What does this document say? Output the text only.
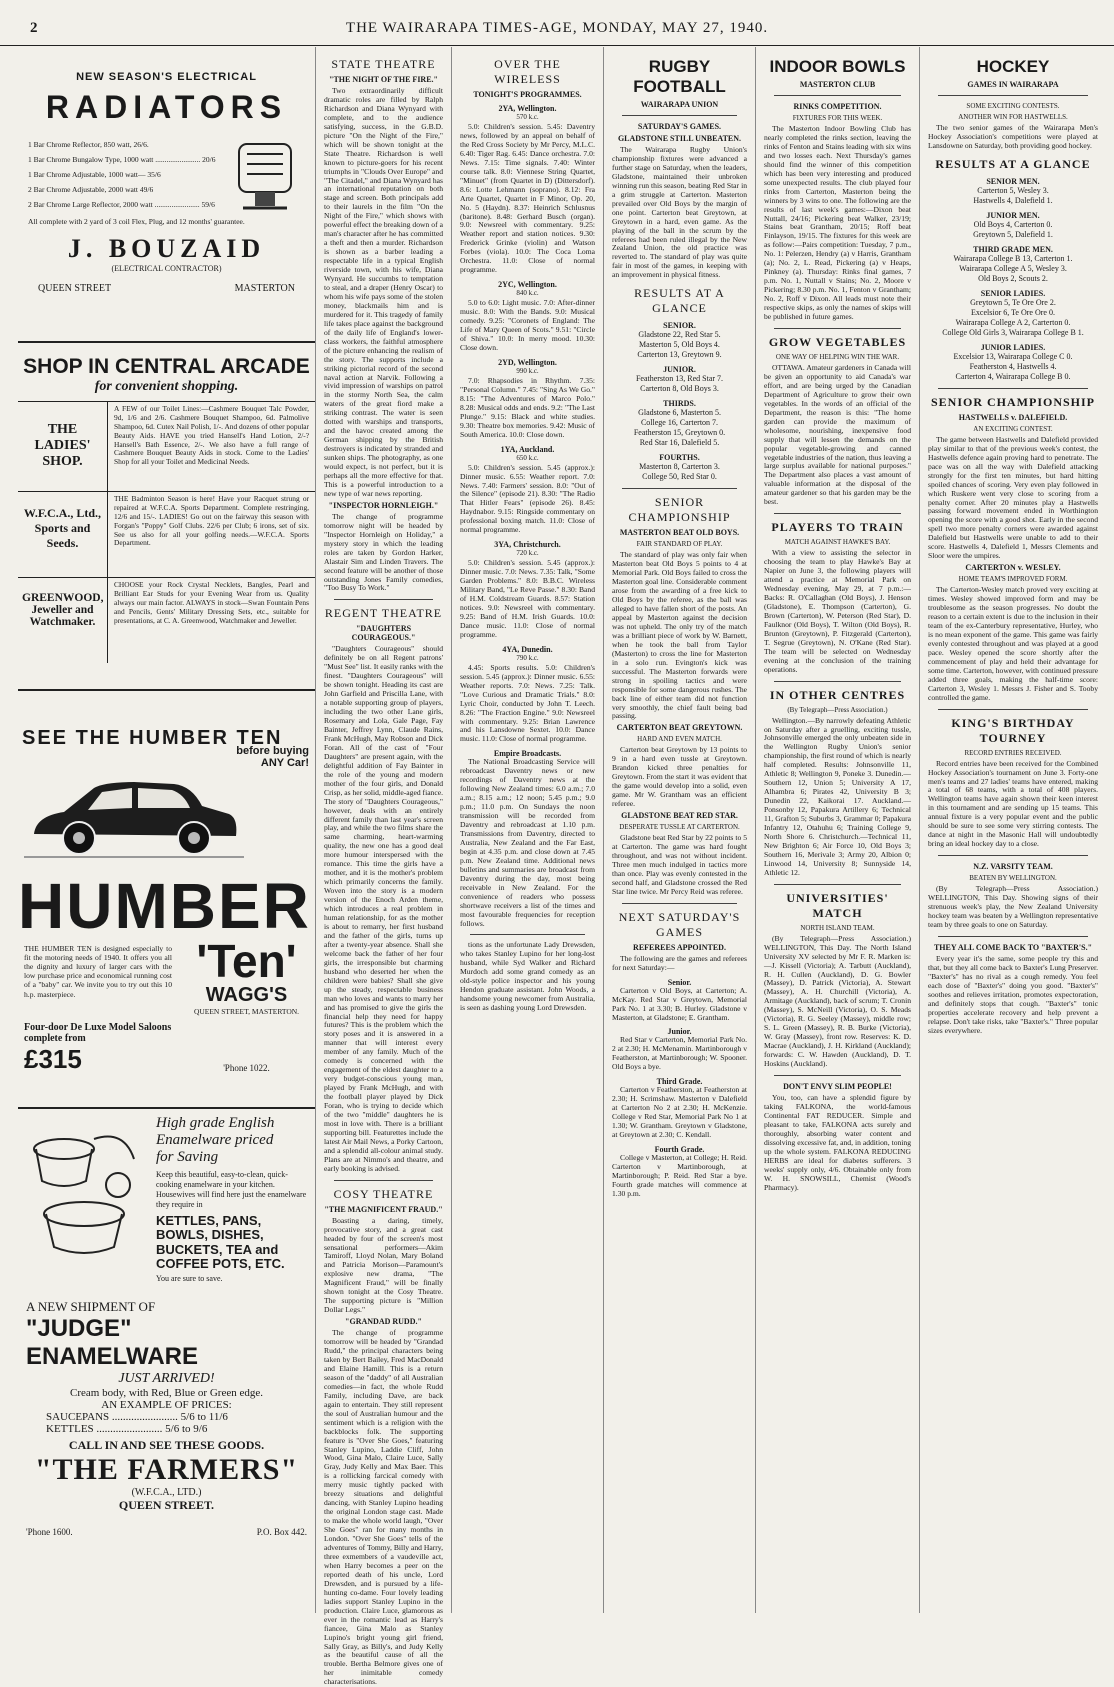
2	THE WAIRARAPA TIMES-AGE, MONDAY, MAY 27, 1940.
NEW SEASON'S ELECTRICAL
RADIATORS
1 Bar Chrome Reflector, 850 watt, 26/6.
1 Bar Chrome Bungalow Type, 1000 watt ........................ 20/6
1 Bar Chrome Adjustable, 1000 watt— 35/6
2 Bar Chrome Adjustable, 2000 watt 49/6
2 Bar Chrome Large Reflector, 2000 watt ........................ 59/6
All complete with 2 yard of 3 coil Flex, Plug, and 12 months' guarantee.
J. BOUZAID
(ELECTRICAL CONTRACTOR)
QUEEN STREET	MASTERTON
SHOP IN CENTRAL ARCADE
for convenient shopping.
THE LADIES' SHOP.
A FEW of our Toilet Lines:—Cashmere Bouquet Talc Powder, 9d, 1/6 and 2/6. Cashmere Bouquet Shampoo, 6d. Palmolive Shampoo, 6d. Cutex Nail Polish, 1/-. And dozens of other popular Beauty Aids. HAVE you tried Hansell's Hand Lotion, 2/-? Hansell's Bath Essence, 2/-. We also have a full range of Cashmere Bouquet Beauty Aids in stock. Come to the Ladies' Shop for all your Toilet and Medicinal Needs.
W.F.C.A., Ltd., Sports and Seeds.
THE Badminton Season is here! Have your Racquet strung or repaired at W.F.C.A. Sports Department. Complete restringing, 12/6 and 15/-. LADIES! Go out on the fairway this season with Forgan's "Poppy" Golf Clubs. 22/6 per Club; 6 irons, set of six. See us also for all your golfing needs.—W.F.C.A. Sports Department.
GREENWOOD, Jeweller and Watchmaker.
CHOOSE your Rock Crystal Necklets, Bangles, Pearl and Brilliant Ear Studs for your Evening Wear from us. Quality always our main factor. ALWAYS in stock—Swan Fountain Pens and Pencils, Gents' Military Dressing Sets, etc., suitable for presentations, at C. A. Greenwood, Watchmaker and Jeweller.
SEE THE HUMBER TEN
before buying ANY Car!
HUMBER
THE HUMBER TEN is designed especially to fit the motoring needs of 1940. It offers you all the dignity and luxury of larger cars with the low purchase price and economical running cost of a "baby" car. We invite you to try out this 10 h.p. masterpiece.
'Ten'
WAGG'S
QUEEN STREET, MASTERTON.
Four-door De Luxe Model Saloons complete from
£315	'Phone 1022.
High grade English
Enamelware priced
for Saving
Keep this beautiful, easy-to-clean, quick-cooking enamelware in your kitchen. Housewives will find here just the enamelware they require in
KETTLES, PANS, BOWLS, DISHES, BUCKETS, TEA and COFFEE POTS, ETC.
You are sure to save.
A NEW SHIPMENT OF
"JUDGE" ENAMELWARE
JUST ARRIVED!
Cream body, with Red, Blue or Green edge.
AN EXAMPLE OF PRICES:
SAUCEPANS ........................ 5/6 to 11/6
KETTLES ........................ 5/6 to 9/6
CALL IN AND SEE THESE GOODS.
"THE FARMERS"
(W.F.C.A., LTD.)
QUEEN STREET.
'Phone 1600.	P.O. Box 442.
STATE THEATRE
"THE NIGHT OF THE FIRE."

Two extraordinarily difficult dramatic roles are filled by Ralph Richardson and Diana Wynyard with complete, and to the audience satisfying, success, in the G.B.D. picture "On the Night of the Fire," which will be shown tonight at the State Theatre. Richardson is well known to picture-goers for his recent triumphs in "Clouds Over Europe" and "The Citadel," and Diana Wynyard has an international reputation on both stage and screen. Both principals add to their laurels in the film "On the Night of the Fire," which shows with powerful effect the breaking down of a man's character after he has committed a theft and then a murder. Richardson is shown as a barber leading a respectable life in a typical English riverside town, with his wife, Diana Wynyard. He succumbs to temptation to steal, and a draper (Henry Oscar) to whom his wife pays some of the stolen money, blackmails him and is murdered for it. This tragedy of family life takes place against the background of the daily life of England's lower-class workers, the faithful atmosphere of the picture enhancing the realism of the story. The supports include a striking pictorial record of the second naval action at Narvik. Following a vivid impression of warships on patrol in the stormy North Sea, the calm waters of the great fiord make a striking contrast. The water is seen dotted with warships and transports, and the havoc created among the German shipping by the British destroyers is indicated by stranded and sunken ships. The photography, as one would expect, is not perfect, but it is perhaps all the more effective for that. This is a powerful introduction to a new type of war news reporting.

"INSPECTOR HORNLEIGH."

The change of programme tomorrow night will be headed by "Inspector Hornleigh on Holiday," a mystery story in which the leading roles are taken by Gordon Harker, Alastair Sim and Linden Travers. The second feature will be another of those outstanding Jones Family comedies, "Too Busy To Work."

REGENT THEATRE
"DAUGHTERS COURAGEOUS."

"Daughters Courageous" should definitely be on all Regent patrons' "Must See" list. It easily ranks with the finest. "Daughters Courageous" will be shown tonight. Heading its cast are John Garfield and Priscilla Lane, with a notable supporting group of players, including the two other Lane girls, Rosemary and Lola, Gale Page, Fay Bainter, Jeffrey Lynn, Claude Rains, Frank McHugh, May Robson and Dick Foran. All of the cast of "Four Daughters" are present again, with the delightful addition of Fay Bainter in the role of the young and modern mother of the four girls, and Donald Crisp, as her solid, middle-aged fiance. The story of "Daughters Courageous," however, deals with an entirely different family than last year's screen play, and while the two films share the same charming, heart-warming quality, the new one has a good deal more humour interspersed with the romance. This time the girls have a mother, and it is the mother's problem which primarily concerns the family. Woven into the story is a modern version of the Enoch Arden theme, which introduces a real problem in human relationship, for as the mother is about to remarry, her first husband and the father of the girls, turns up after a twenty-year absence. Shall she welcome back the father of her four girls, the irresponsible but charming husband who deserted her when the children were babies? Shall she give up the steady, respectable business man who loves and wants to marry her and has promised to give the girls the financial help they need for happy futures? This is the problem which the story poses and it is answered in a manner that will interest every member of any family. Much of the comedy is concerned with the engagement of the eldest daughter to a very budget-conscious young man, played by Frank McHugh, and with the football player played by Dick Foran, who is trying to decide which of the two "middle" daughters he is most in love with. There is a brilliant supporting bill. Featurettes include the latest Air Mail News, a Porky Cartoon, and a splendid all-colour animal study. Plans are at Nimmo's and theatre, and early booking is advised.

COSY THEATRE
"THE MAGNIFICENT FRAUD."

Boasting a daring, timely, provocative story, and a great cast headed by four of the screen's most sensational performers—Akim Tamiroff, Lloyd Nolan, Mary Boland and Patricia Morison—Paramount's explosive new drama, "The Magnificent Fraud," will be finally shown tonight at the Cosy Theatre. The supporting picture is "Million Dollar Legs."

"GRANDAD RUDD."

The change of programme tomorrow will be headed by "Grandad Rudd," the principal characters being taken by Bert Bailey, Fred MacDonald and Elaine Hamill. This is a return season of the "daddy" of all Australian comedies—in fact, the whole Rudd Family, including Dave, are back again to entertain. They still represent the soul of Australian humour and the sentiment which is a religion with the backblocks folk. The supporting feature is "Over She Goes," featuring Stanley Lupino, Laddie Cliff, John Wood, Gina Malo, Claire Luce, Sally Gray, Judy Kelly and Max Baer. This is a rollicking farcical comedy with merry music tightly packed with breezy situations and delightful dancing, with Stanley Lupino heading the original London stage cast. Made to make the whole world laugh, "Over She Goes" ran for many months in London. "Over She Goes" tells of the adventures of Tommy, Billy and Harry, three exmembers of a vaudeville act, when Harry becomes a peer on the reported death of his uncle, Lord Drewsden, and is pursued by a life-hunting co-dame. Four lovely leading ladies support Stanley Lupino in the production. Claire Luce, glamorous as ever in the romantic lead as Harry's fiancee, Gina Malo as Stanley Lupino's bright young girl friend, Sally Gray, as Billy's, and Judy Kelly as the beautiful cause of all the trouble. Bertha Belmore gives one of her inimitable comedy characterisations.

OVER THE WIRELESS
TONIGHT'S PROGRAMMES.
2YA, Wellington.
570 k.c.

5.0: Children's session. 5.45: Daventry news, followed by an appeal on behalf of the Red Cross Society by Mr Percy, M.L.C. 6.40: Tiger Rag. 6.45: Dance orchestra. 7.0: News. 7.15: Time signals. 7.40: Winter course talk. 8.0: Viennese String Quartet, "Minuet" (from Quartet in D) (Dittersdorf). 8.6: Lotte Lehmann (soprano). 8.12: Fra Arte Quartet, Quartet in F Minor, Op. 20, No. 5 (Haydn). 8.37: Heinrich Schlusnus (baritone). 8.48: Gerhard Busch (organ). 9.0: Newsreel with commentary. 9.25: Weather report and station notices. 9.30: Frederick Grinke (violin) and Watson Forbes (viola). 10.0: The Coca Loma Orchestra. 11.0: Close of normal programme.

2YC, Wellington.
840 k.c.

5.0 to 6.0: Light music. 7.0: After-dinner music. 8.0: With the Bands. 9.0: Musical comedy. 9.25: "Coronets of England: The Life of Mary Queen of Scots." 9.51: "Circle of Shiva." 10.0: In merry mood. 10.30: Close down.

2YD, Wellington.
990 k.c.

7.0: Rhapsodies in Rhythm. 7.35: "Personal Column." 7.45: "Sing As We Go." 8.15: "The Adventures of Marco Polo." 8.28: Musical odds and ends. 9.2: "The Last Plunge." 9.15: Black and white studies. 9.30: Theatre box memories. 9.42: Music of South America. 10.0: Close down.

1YA, Auckland.
650 k.c.

5.0: Children's session. 5.45 (approx.): Dinner music. 6.55: Weather report. 7.0: News. 7.40: Farmers' session. 8.0: "Out of the Silence" (episode 21). 8.30: "The Radio That Hitler Fears" (episode 26). 8.45: Haydnabor. 9.15: Ringside commentary on professional boxing match. 11.0: Close of normal programme.

3YA, Christchurch.
720 k.c.

5.0: Children's session. 5.45 (approx.): Dinner music. 7.0: News. 7.35: Talk, "Some Garden Problems." 8.0: B.B.C. Wireless Military Band, "Le Reve Passe." 8.30: Band of H.M. Coldstream Guards. 8.57: Station notices. 9.0: Newsreel with commentary. 9.25: Band of H.M. Irish Guards. 10.0: Dance music. 11.0: Close of normal programme.

4YA, Dunedin.
790 k.c.

4.45: Sports results. 5.0: Children's session. 5.45 (approx.): Dinner music. 6.55: Weather reports. 7.0: News. 7.25: Talk. "Love Curious and Dramatic Trials." 8.0: Lyric Choir, conducted by John T. Leech. 8.26: "The Fraction Engine." 9.0: Newsreel with commentary. 9.25: Brian Lawrence and his Lansdowne Sextet. 10.0: Dance music. 11.0: Close of normal programme.

Empire Broadcasts.

The National Broadcasting Service will rebroadcast Daventry news or new recordings of Daventry news at the following New Zealand times: 6.0 a.m.; 7.0 a.m.; 8.15 a.m.; 12 noon; 5.45 p.m.; 9.0 p.m.; 11.0 p.m. On Sundays the noon transmission will be recorded from Daventry and rebroadcast at 1.10 p.m. Transmissions from Daventry, directed to Australia, New Zealand and the Far East, begin at 4.35 p.m. and close down at 7.45 p.m. New Zealand time. Additional news bulletins and summaries are broadcast from Daventry during the day, most being receivable in New Zealand. For the convenience of readers who possess shortwave receivers a list of the times and most favourable frequencies for reception follows.

tions as the unfortunate Lady Drewsden, who takes Stanley Lupino for her long-lost husband, while Syd Walker and Richard Murdoch add some grand comedy as an old-style police inspector and his young Hendon graduate assistant. John Woods, a handsome young newcomer from Australia, is seen as dashing young Lord Drewsden.

RUGBY FOOTBALL
WAIRARAPA UNION
SATURDAY'S GAMES.
GLADSTONE STILL UNBEATEN.

The Wairarapa Rugby Union's championship fixtures were advanced a further stage on Saturday, when the leaders, Gladstone, maintained their unbroken winning run this season, beating Red Star in a grim struggle at Carterton. Masterton prevailed over Old Boys by the margin of one point. Carterton beat Greytown, at Greytown in a hard, even game. As the playing of the ball in the scrum by the referees had been ruled illegal by the New Zealand Union, the old practice was reverted to. The standard of play was quite fair in most of the games, in keeping with an improvement in physical fitness.

RESULTS AT A GLANCE
SENIOR.
Gladstone 22, Red Star 5.
Masterton 5, Old Boys 4.
Carterton 13, Greytown 9.
JUNIOR.
Featherston 13, Red Star 7.
Carterton 8, Old Boys 3.
THIRDS.
Gladstone 6, Masterton 5.
College 16, Carterton 7.
Featherston 15, Greytown 0.
Red Star 16, Dalefield 5.
FOURTHS.
Masterton 8, Carterton 3.
College 50, Red Star 0.
SENIOR CHAMPIONSHIP
MASTERTON BEAT OLD BOYS.
FAIR STANDARD OF PLAY.

The standard of play was only fair when Masterton beat Old Boys 5 points to 4 at Memorial Park. Old Boys failed to cross the Masterton goal line. Considerable comment arose from the awarding of a free kick to Old Boys by the referee, as the ball was alleged to have fallen short of the posts. An appeal by Masterton against the decision was not upheld. The only try of the match was a brilliant piece of work by W. Barnett, when he took the ball from Taylor (Masterton) to cross the line for Masterton in a solo run. Evington's kick was successful. The Masterton forwards were strong in spoiling tactics and were responsible for some dangerous rushes. The back line of either team did not function very smoothly, the chief fault being bad passing.

CARTERTON BEAT GREYTOWN.
HARD AND EVEN MATCH.

Carterton beat Greytown by 13 points to 9 in a hard even tussle at Greytown. Brandon kicked three penalties for Greytown. From the start it was evident that the game would develop into a solid, even game. Mr W. Grantham was an efficient referee.

GLADSTONE BEAT RED STAR.
DESPERATE TUSSLE AT CARTERTON.

Gladstone beat Red Star by 22 points to 5 at Carterton. The game was hard fought throughout, and was not without incident. Three men much indulged in tactics more than once. Play was evenly contested in the second half, and Gladstone crossed the Red Star line twice. Mr Percy Reid was referee.

NEXT SATURDAY'S GAMES
REFEREES APPOINTED.

The following are the games and referees for next Saturday:—

Senior.

Carterton v Old Boys, at Carterton; A. McKay. Red Star v Greytown, Memorial Park No. 1 at 3.30; B. Hurley. Gladstone v Masterton, at Gladstone; E. Grantham.

Junior.

Red Star v Carterton, Memorial Park No. 2 at 2.30; H. McMenamin. Martinborough v Featherston, at Martinborough; W. Spooner. Old Boys a bye.

Third Grade.

Carterton v Featherston, at Featherston at 2.30; H. Scrimshaw. Masterton v Dalefield at Carterton No 2 at 2.30; H. McKenzie. College v Red Star, Memorial Park No 1 at 1.30; W. Grantham. Greytown v Gladstone, at Greytown at 2.30; C. Kendall.

Fourth Grade.

College v Masterton, at College; H. Reid. Carterton v Martinborough, at Martinborough; P. Reid. Red Star a bye. Fourth grade matches will commence at 1.30 p.m.

INDOOR BOWLS
MASTERTON CLUB
RINKS COMPETITION.
FIXTURES FOR THIS WEEK.

The Masterton Indoor Bowling Club has nearly completed the rinks section, leaving the rinks of Fenton and Stains leading with six wins and two losses each. Next Thursday's games should find the winner of this competition which has been very interesting and produced some unexpected results. The club played four rinks from Carterton, Masterton being the winners by 3 wins to one. The following are the results of last week's games:—Dixon beat Nuttall, 24/16; Pickering beat Walker, 23/19; Stains beat Grantham, 20/15; Roff beat Finlayson, 19/15. The fixtures for this week are as follow:—Pairs competition: Tuesday, 7 p.m., No. 1: Pelerzen, Hendry (a) v Harris, Grantham (a); No. 2, L. Read, Pickering (a) v Heaps, Pinkney (a). Thursday: Rinks final games, 7 p.m. No. 1, Nuttall v Stains; No. 2, Moore v Pickering; 8.30 p.m. No. 1, Fenton v Grantham; No. 2, Roff v Dixon. All leads must note their respective skips, as only the names of skips will be published in future games.

GROW VEGETABLES
ONE WAY OF HELPING WIN THE WAR.

OTTAWA. Amateur gardeners in Canada will be given an opportunity to aid Canada's war effort, and are being urged by the Canadian Department of Agriculture to grow their own vegetables. In the words of an official of the Department, the reason is this: "The home garden can provide the maximum of wholesome, nourishing, inexpensive food supply that will lessen the demands on the popular vegetable-growing and canned vegetable industries of the nation, thus leaving a large surplus available for national purposes." The Department also places a vast amount of valuable information at the disposal of the amateur gardener so that his garden may be the best.

PLAYERS TO TRAIN
MATCH AGAINST HAWKE'S BAY.

With a view to assisting the selector in choosing the team to play Hawke's Bay at Napier on June 3, the following players will attend a practice at Memorial Park on Wednesday evening, May 29, at 7 p.m.:— Backs: R. O'Callaghan (Old Boys), J. Henson (Gladstone), E. Thompson (Carterton), G. Brown (Carterton), W. Peterson (Red Star), D. Faulknor (Old Boys), T. Wilton (Old Boys), R. Brunton (Greytown), P. Fitzgerald (Carterton), T. Segrue (Greytown), N. O'Kane (Red Star). The team will be selected on Wednesday evening at the conclusion of the training operations.

IN OTHER CENTRES
(By Telegraph—Press Association.)

Wellington.—By narrowly defeating Athletic on Saturday after a gruelling, exciting tussle, Johnsonville emerged the only unbeaten side in the Wellington Rugby Union's senior championship, the first round of which is nearly half completed. Results: Johnsonville 11, Athletic 8; Wellington 9, Poneke 3. Dunedin.—Southern 12, Union 5; University A 17, Alhambra 6; Pirates 42, University B 3; Dunedin 22, Kaikorai 17. Auckland.—Ponsonby 12, Papakura Artillery 6; Technical 11, Grafton 5; Suburbs 3, Grammar 0; Papakura Infantry 12, Otahuhu 6; Training College 9, North Shore 6. Christchurch.—Technical 11, New Brighton 6; Air Force 10, Old Boys 3; Southern 16, Merivale 3; Army 20, Albion 0; Linwood 14, University 8; Sunnyside 14, Athletic 12.

UNIVERSITIES' MATCH
NORTH ISLAND TEAM.

(By Telegraph—Press Association.) WELLINGTON, This Day. The North Island University XV selected by Mr F. R. Marken is:—J. Kissell (Victoria); A. Tarbutt (Auckland), R. H. Cullen (Auckland), D. G. Bowler (Massey), D. Patrick (Victoria), A. Stewart (Massey), A. H. Churchill (Victoria), A. Armitage (Auckland), back of scrum; T. Cronin (Massey), S. McNeill (Victoria), O. S. Meads (Victoria), R. G. Seeley (Massey), middle row; S. L. Green (Massey), R. B. Burke (Victoria), W. Gray (Massey), front row. Reserves: K. D. Macrae (Auckland), J. H. Kirkland (Auckland); forwards: C. W. Hawden (Auckland), D. T. Hoskins (Auckland).

DON'T ENVY SLIM PEOPLE!

You, too, can have a splendid figure by taking FALKONA, the world-famous Continental FAT REDUCER. Simple and pleasant to take, FALKONA acts surely and thoroughly, absorbing water content and dissolving excessive fat, and, in addition, toning up the whole system. FALKONA REDUCING HERBS are ideal for diabetes sufferers. 3 weeks' supply only, 4/6. Obtainable only from W. H. SNOWSILL, Chemist (Wood's Pharmacy).

HOCKEY
GAMES IN WAIRARAPA
SOME EXCITING CONTESTS.
ANOTHER WIN FOR HASTWELLS.

The two senior games of the Wairarapa Men's Hockey Association's competitions were played at Lansdowne on Saturday, both providing good hockey.

RESULTS AT A GLANCE
SENIOR MEN.
Carterton 5, Wesley 3.
Hastwells 4, Dalefield 1.
JUNIOR MEN.
Old Boys 4, Carterton 0.
Greytown 5, Dalefield 1.
THIRD GRADE MEN.
Wairarapa College B 13, Carterton 1.
Wairarapa College A 5, Wesley 3.
Old Boys 2, Scouts 2.
SENIOR LADIES.
Greytown 5, Te Ore Ore 2.
Excelsior 6, Te Ore Ore 0.
Wairarapa College A 2, Carterton 0.
College Old Girls 3, Wairarapa College B 1.
JUNIOR LADIES.
Excelsior 13, Wairarapa College C 0.
Featherston 4, Hastwells 4.
Carterton 4, Wairarapa College B 0.
SENIOR CHAMPIONSHIP
HASTWELLS v. DALEFIELD.
AN EXCITING CONTEST.

The game between Hastwells and Dalefield provided play similar to that of the previous week's contest, the Hastwells defence again proving hard to penetrate. The pace was on all the way with Dalefield attacking strongly for the first ten minutes, but hard hitting spoiled chances of scoring. Very even play followed in which Ruskere went very close to scoring from a penalty corner. After 20 minutes play a Hastwells passing forward movement ended in Worthington opening the score with a good shot. Early in the second spell two more penalty corners were awarded against Dalefield but Hastwells were unable to add to their score. Hastwells 4, Dalefield 1, Messrs Clements and Sloor were the umpires.

CARTERTON v. WESLEY.
HOME TEAM'S IMPROVED FORM.

The Carterton-Wesley match proved very exciting at times. Wesley showed improved form and may be troublesome as the season progresses. No doubt the reason to a certain extent is due to the inclusion in their team of the ex-Canterbury representative, Hurley, who is no mean exponent of the game. This game was fairly evenly contested throughout and was played at a good pace. Wesley opened the score shortly after the commencement of play and held their advantage for some time. Carterton, however, with continued pressure added three goals, making the half-time score: Carterton 3, Wesley 1. Messrs J. Fisher and S. Tooby controlled the game.

KING'S BIRTHDAY TOURNEY
RECORD ENTRIES RECEIVED.

Record entries have been received for the Combined Hockey Association's tournament on June 3. Forty-one men's teams and 27 ladies' teams have entered, making a total of 68 teams, with a total of 408 players. Wellington teams have again shown their keen interest in this tournament and are sending up 15 teams. This annual fixture is a very popular event and the public should be sure to see some very stirring contests. The dance at night in the Masonic Hall will undoubtedly bring an ideal hockey day to a close.

N.Z. VARSITY TEAM.
BEATEN BY WELLINGTON.

(By Telegraph—Press Association.) WELLINGTON, This Day. Showing signs of their strenuous week's play, the New Zealand University hockey team was beaten by a Wellington representative team by three goals to one on Saturday.

THEY ALL COME BACK TO "BAXTER'S."

Every year it's the same, some people try this and that, but they all come back to Baxter's Lung Preserver. "Baxter's" has no rival as a cough remedy. You feel each dose of "Baxter's" doing you good. "Baxter's" soothes and relieves irritation, promotes expectoration, and definitely stops that cough. "Baxter's" tonic properties accelerate recovery and help prevent a relapse. Don't take risks, take "Baxter's." Three popular sizes everywhere.
